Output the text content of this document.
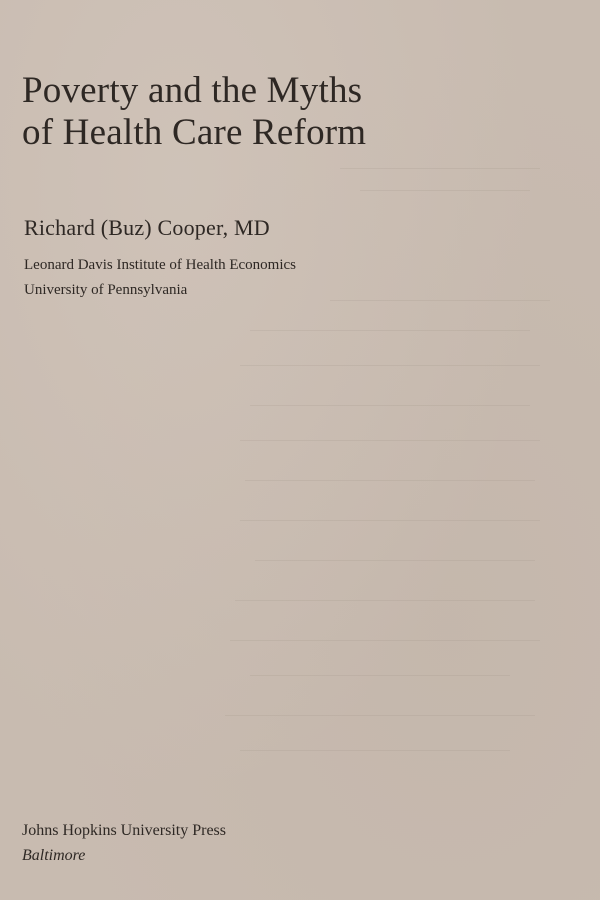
Poverty and the Myths
of Health Care Reform
Richard (Buz) Cooper, MD
Leonard Davis Institute of Health Economics
University of Pennsylvania
Johns Hopkins University Press
Baltimore
